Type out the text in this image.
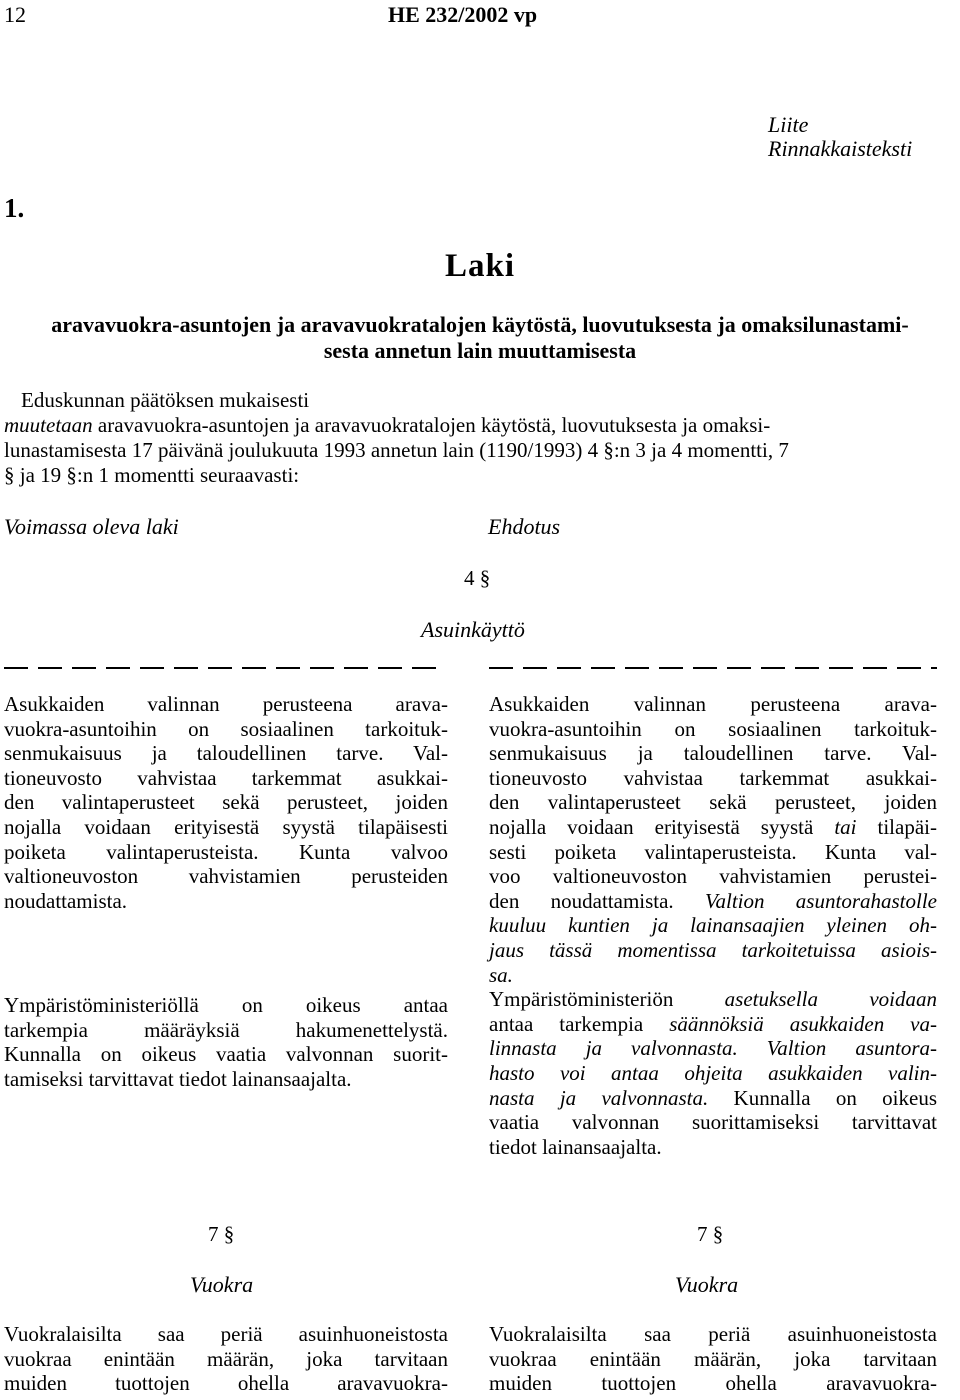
12	HE 232/2002 vp
Liite
Rinnakkaisteksti
1.
Laki
aravavuokra-asuntojen ja aravavuokratalojen käytöstä, luovutuksesta ja omaksilunastami-
sesta annetun lain muuttamisesta
Eduskunnan päätöksen mukaisesti
muutetaan aravavuokra-asuntojen ja aravavuokratalojen käytöstä, luovutuksesta ja omaksi-
lunastamisesta 17 päivänä joulukuuta 1993 annetun lain (1190/1993) 4 §:n 3 ja 4 momentti, 7
§ ja 19 §:n 1 momentti seuraavasti:
Voimassa oleva laki	Ehdotus
4 §
Asuinkäyttö
Asukkaiden valinnan perusteena arava-
vuokra-asuntoihin on sosiaalinen tarkoituk-
senmukaisuus ja taloudellinen tarve. Val-
tioneuvosto vahvistaa tarkemmat asukkai-
den valintaperusteet sekä perusteet, joiden
nojalla voidaan erityisestä syystä tilapäisesti
poiketa valintaperusteista. Kunta valvoo
valtioneuvoston vahvistamien perusteiden
noudattamista.
Ympäristöministeriöllä on oikeus antaa
tarkempia määräyksiä hakumenettelystä.
Kunnalla on oikeus vaatia valvonnan suorit-
tamiseksi tarvittavat tiedot lainansaajalta.
Asukkaiden valinnan perusteena arava-
vuokra-asuntoihin on sosiaalinen tarkoituk-
senmukaisuus ja taloudellinen tarve. Val-
tioneuvosto vahvistaa tarkemmat asukkai-
den valintaperusteet sekä perusteet, joiden
nojalla voidaan erityisestä syystä tai tilapäi-
sesti poiketa valintaperusteista. Kunta val-
voo valtioneuvoston vahvistamien perustei-
den noudattamista. Valtion asuntorahastolle
kuuluu kuntien ja lainansaajien yleinen oh-
jaus tässä momentissa tarkoitetuissa asiois-
sa.
Ympäristöministeriön asetuksella voidaan
antaa tarkempia säännöksiä asukkaiden va-
linnasta ja valvonnasta. Valtion asuntora-
hasto voi antaa ohjeita asukkaiden valin-
nasta ja valvonnasta. Kunnalla on oikeus
vaatia valvonnan suorittamiseksi tarvittavat
tiedot lainansaajalta.
7 §
Vuokra
7 §
Vuokra
Vuokralaisilta saa periä asuinhuoneistosta
vuokraa enintään määrän, joka tarvitaan
muiden tuottojen ohella aravavuokra-
Vuokralaisilta saa periä asuinhuoneistosta
vuokraa enintään määrän, joka tarvitaan
muiden tuottojen ohella aravavuokra-
